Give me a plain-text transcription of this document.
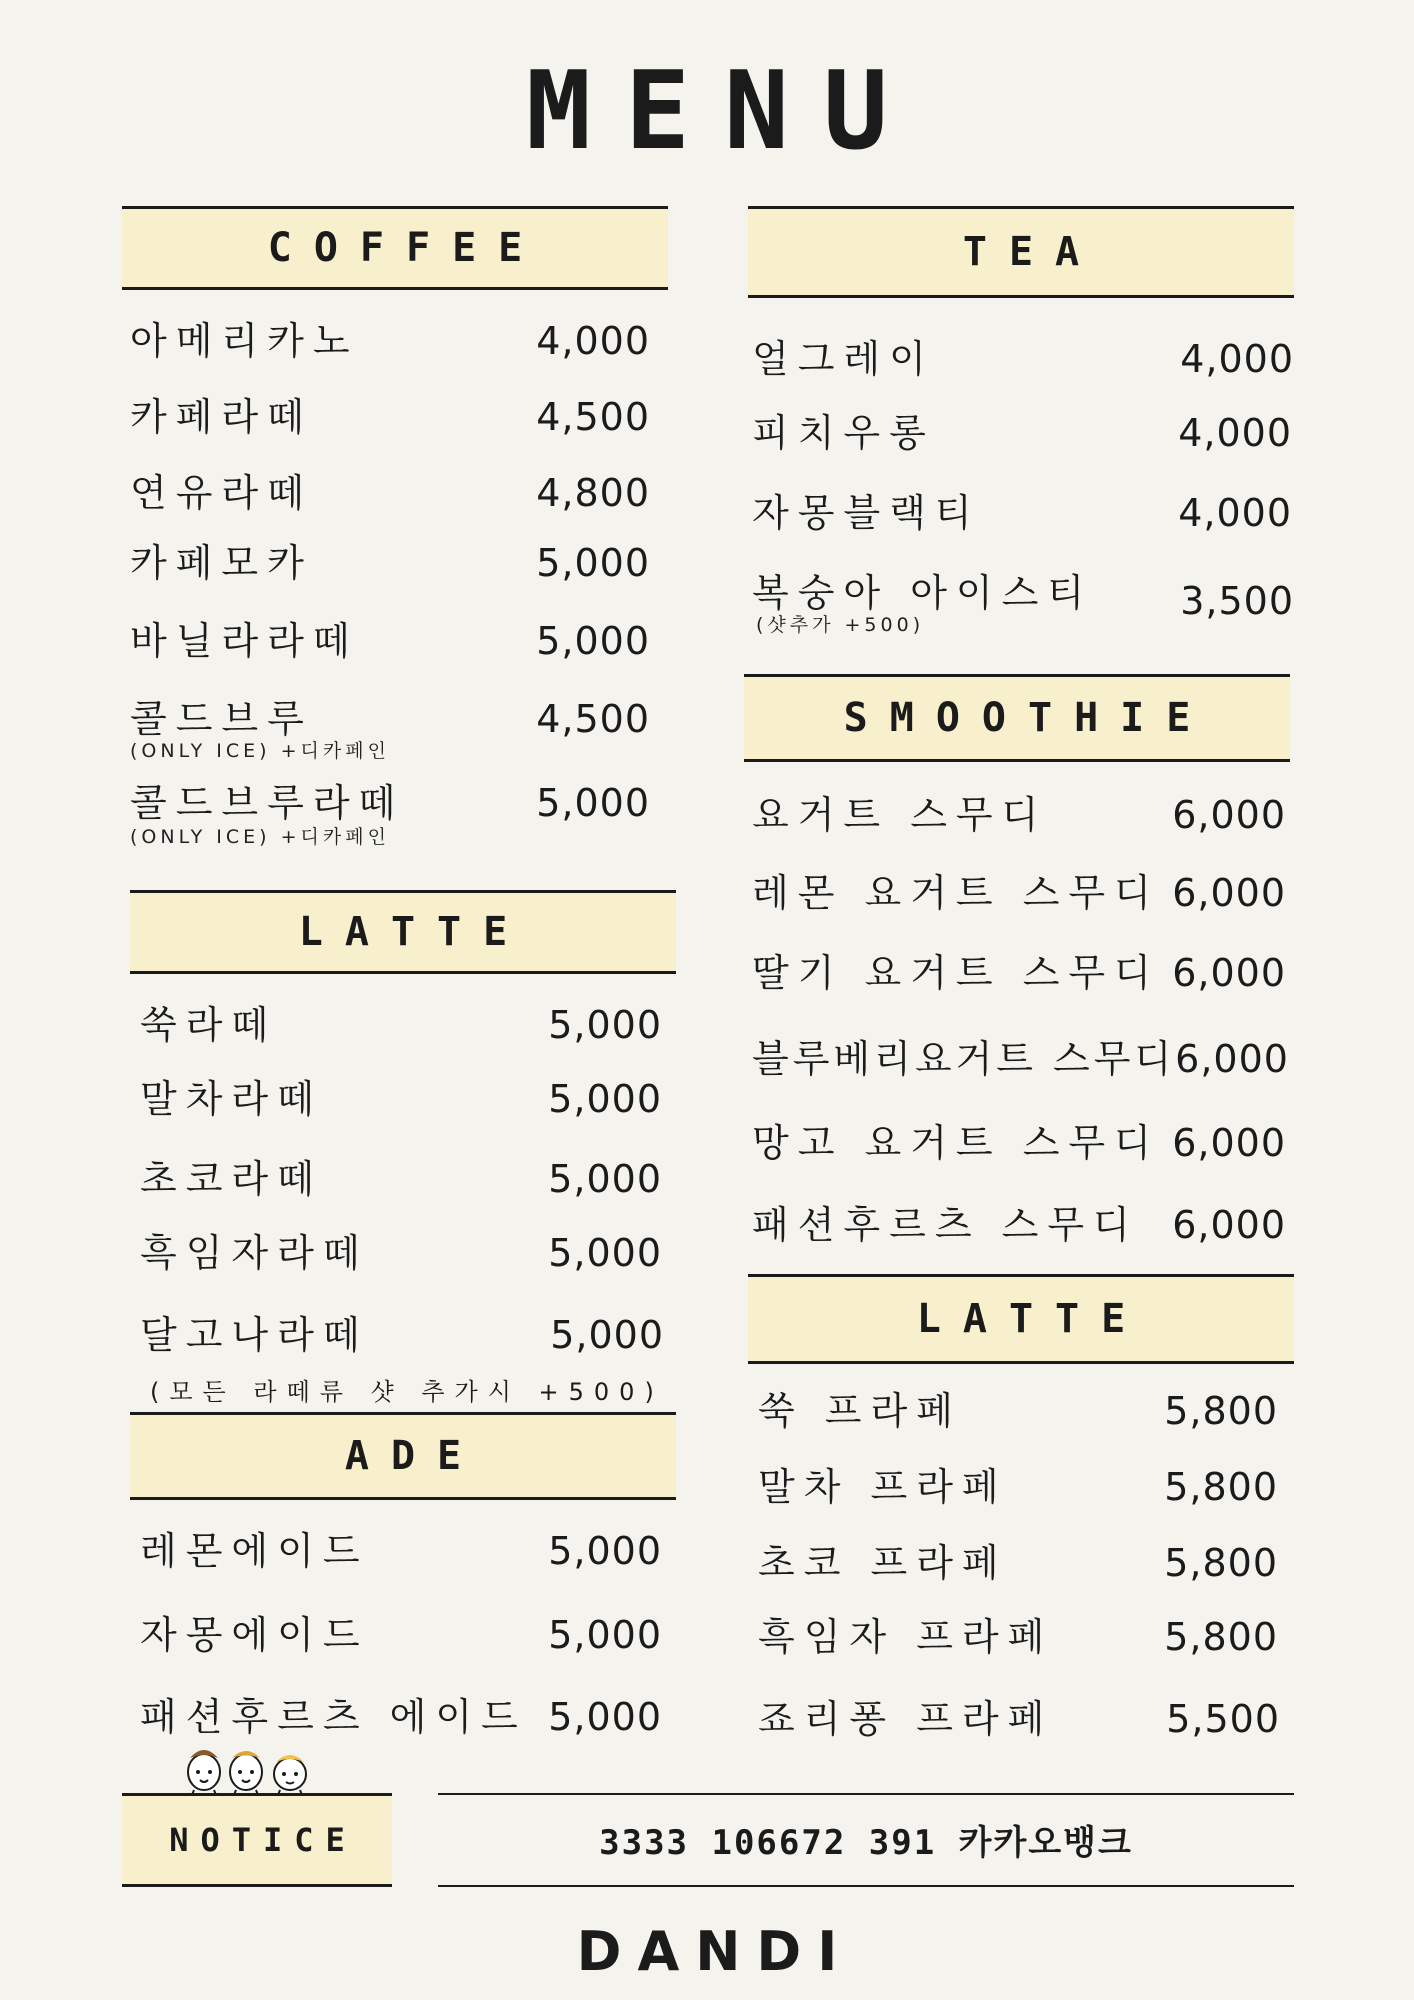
MENU
COFFEE
아메리카노	4,000
카페라떼	4,500
연유라떼	4,800
카페모카	5,000
바닐라라떼	5,000
콜드브루	4,500
(ONLY ICE) +디카페인
콜드브루라떼	5,000
(ONLY ICE) +디카페인
LATTE
쑥라떼	5,000
말차라떼	5,000
초코라떼	5,000
흑임자라떼	5,000
달고나라떼	5,000
(모든 라떼류 샷 추가시 +500)
ADE
레몬에이드	5,000
자몽에이드	5,000
패션후르츠 에이드 5,000
TEA
얼그레이	4,000
피치우롱	4,000
자몽블랙티	4,000
복숭아 아이스티 3,500
(샷추가 +500)
SMOOTHIE
요거트 스무디	6,000
레몬 요거트 스무디 6,000
딸기 요거트 스무디 6,000
블루베리요거트 스무디 6,000
망고 요거트 스무디 6,000
패션후르츠 스무디 6,000
LATTE
쑥 프라페	5,800
말차 프라페	5,800
초코 프라페	5,800
흑임자 프라페	5,800
죠리퐁 프라페	5,500
NOTICE	3333 106672 391 카카오뱅크
DANDI
